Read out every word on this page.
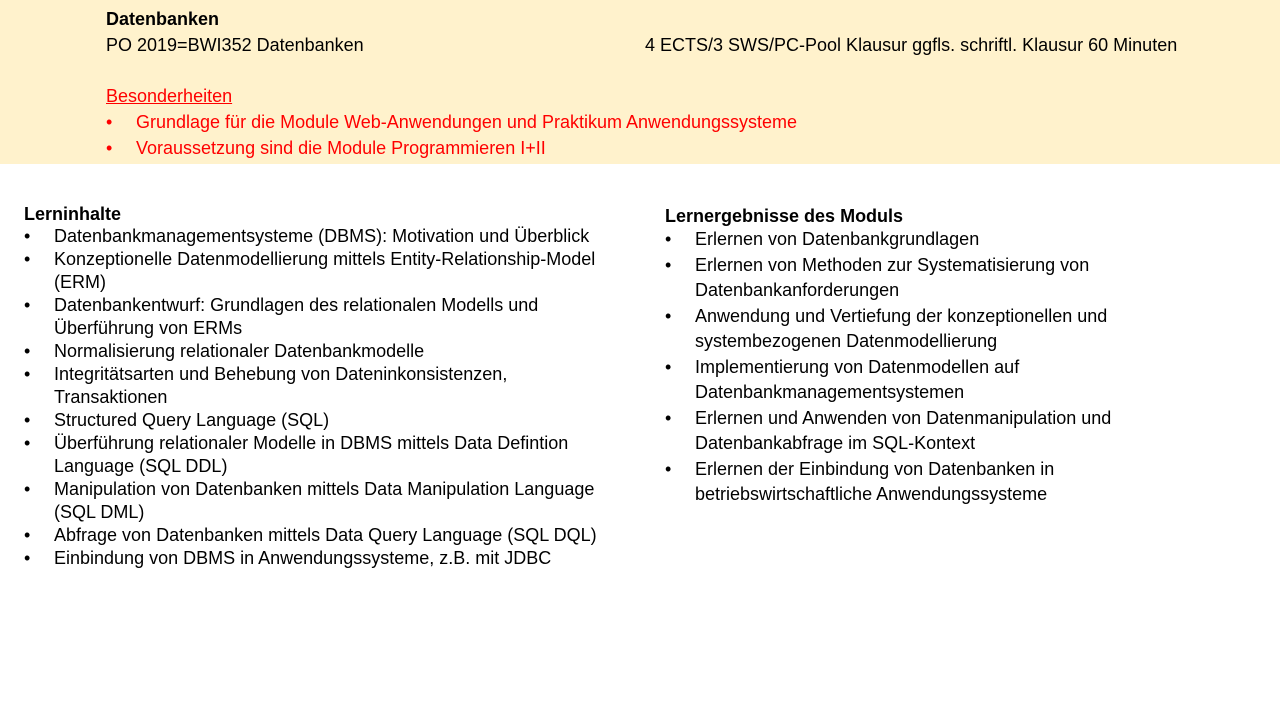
Datenbanken
PO 2019=BWI352 Datenbanken	4 ECTS/3 SWS/PC-Pool Klausur ggfls. schriftl. Klausur 60 Minuten
Besonderheiten
• Grundlage für die Module Web-Anwendungen und Praktikum Anwendungssysteme
• Voraussetzung sind die Module Programmieren I+II

Lerninhalte

• Datenbankmanagementsysteme (DBMS): Motivation und Überblick
• Konzeptionelle Datenmodellierung mittels Entity-Relationship-Model (ERM)
• Datenbankentwurf: Grundlagen des relationalen Modells und Überführung von ERMs
• Normalisierung relationaler Datenbankmodelle
• Integritätsarten und Behebung von Dateninkonsistenzen, Transaktionen
• Structured Query Language (SQL)
• Überführung relationaler Modelle in DBMS mittels Data Defintion Language (SQL DDL)
• Manipulation von Datenbanken mittels Data Manipulation Language (SQL DML)
• Abfrage von Datenbanken mittels Data Query Language (SQL DQL)
• Einbindung von DBMS in Anwendungssysteme, z.B. mit JDBC

Lernergebnisse des Moduls

• Erlernen von Datenbankgrundlagen
• Erlernen von Methoden zur Systematisierung von Datenbankanforderungen
• Anwendung und Vertiefung der konzeptionellen und systembezogenen Datenmodellierung
• Implementierung von Datenmodellen auf Datenbankmanagementsystemen
• Erlernen und Anwenden von Datenmanipulation und Datenbankabfrage im SQL-Kontext
• Erlernen der Einbindung von Datenbanken in betriebswirtschaftliche Anwendungssysteme
